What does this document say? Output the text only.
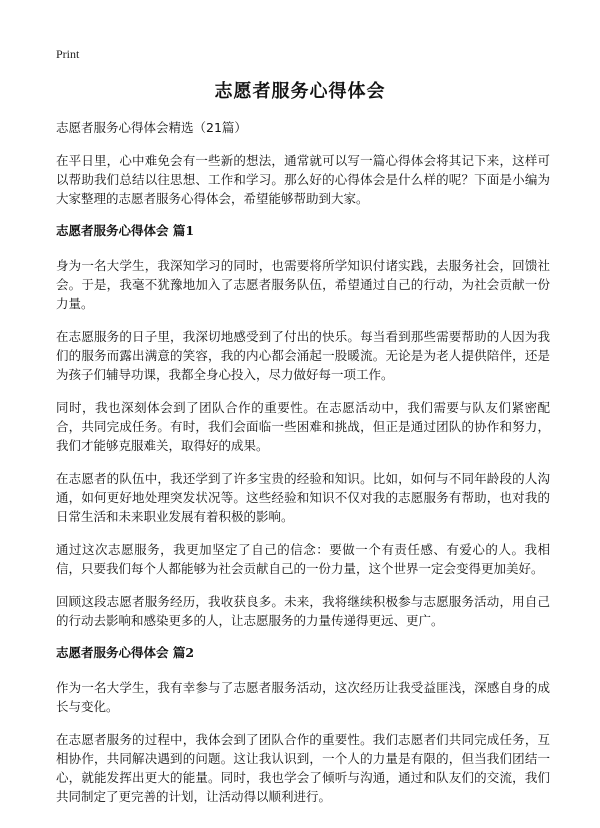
Print
志愿者服务心得体会

志愿者服务心得体会精选（21篇）

在平日里，心中难免会有一些新的想法，通常就可以写一篇心得体会将其记下来，这样可以帮助我们总结以往思想、工作和学习。那么好的心得体会是什么样的呢？下面是小编为大家整理的志愿者服务心得体会，希望能够帮助到大家。

志愿者服务心得体会 篇1

身为一名大学生，我深知学习的同时，也需要将所学知识付诸实践，去服务社会，回馈社会。于是，我毫不犹豫地加入了志愿者服务队伍，希望通过自己的行动，为社会贡献一份力量。

在志愿服务的日子里，我深切地感受到了付出的快乐。每当看到那些需要帮助的人因为我们的服务而露出满意的笑容，我的内心都会涌起一股暖流。无论是为老人提供陪伴，还是为孩子们辅导功课，我都全身心投入，尽力做好每一项工作。

同时，我也深刻体会到了团队合作的重要性。在志愿活动中，我们需要与队友们紧密配合，共同完成任务。有时，我们会面临一些困难和挑战，但正是通过团队的协作和努力，我们才能够克服难关，取得好的成果。

在志愿者的队伍中，我还学到了许多宝贵的经验和知识。比如，如何与不同年龄段的人沟通，如何更好地处理突发状况等。这些经验和知识不仅对我的志愿服务有帮助，也对我的日常生活和未来职业发展有着积极的影响。

通过这次志愿服务，我更加坚定了自己的信念：要做一个有责任感、有爱心的人。我相信，只要我们每个人都能够为社会贡献自己的一份力量，这个世界一定会变得更加美好。

回顾这段志愿者服务经历，我收获良多。未来，我将继续积极参与志愿服务活动，用自己的行动去影响和感染更多的人，让志愿服务的力量传递得更远、更广。

志愿者服务心得体会 篇2

作为一名大学生，我有幸参与了志愿者服务活动，这次经历让我受益匪浅，深感自身的成长与变化。

在志愿者服务的过程中，我体会到了团队合作的重要性。我们志愿者们共同完成任务，互相协作，共同解决遇到的问题。这让我认识到，一个人的力量是有限的，但当我们团结一心，就能发挥出更大的能量。同时，我也学会了倾听与沟通，通过和队友们的交流，我们共同制定了更完善的计划，让活动得以顺利进行。
